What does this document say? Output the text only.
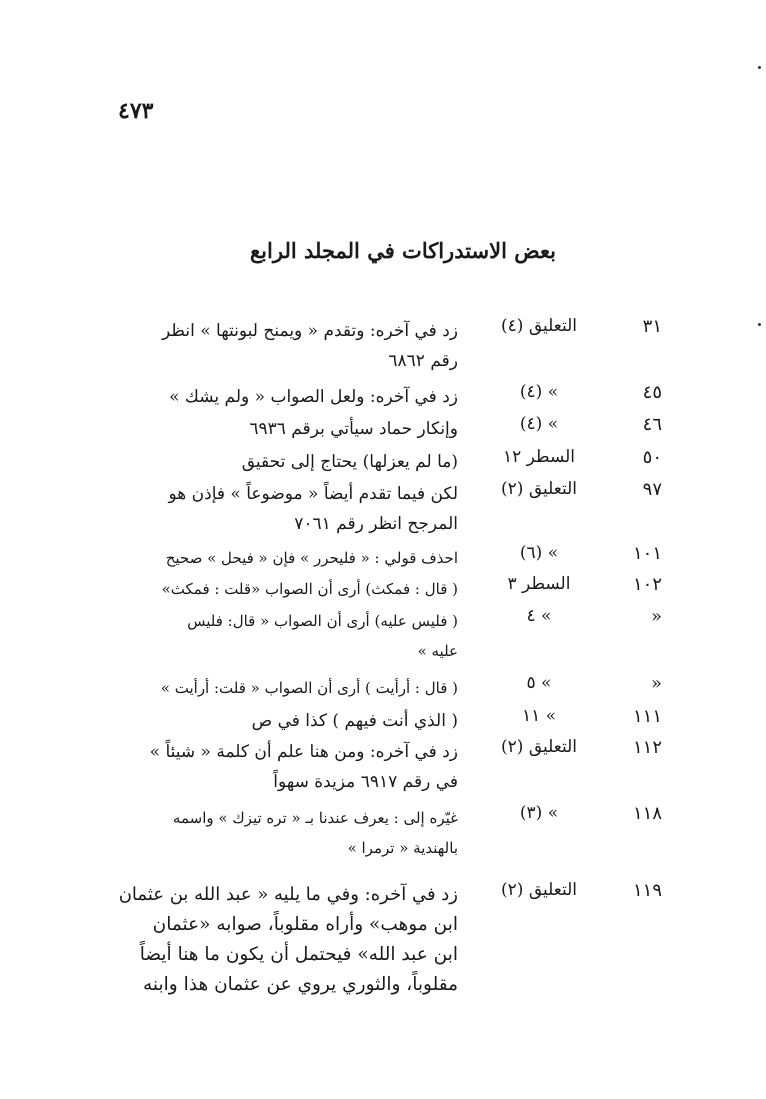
٤٧٣
بعض الاستدراكات في المجلد الرابع
٣١
التعليق (٤)
زد في آخره: وتقدم « ويمنح لبونتها » انظر
رقم ٦٨٦٢
٤٥
» (٤)
زد في آخره: ولعل الصواب « ولم يشك »
٤٦
» (٤)
وإنكار حماد سيأتي برقم ٦٩٣٦
٥٠
السطر ١٢
(ما لم يعزلها) يحتاج إلى تحقيق
٩٧
التعليق (٢)
لكن فيما تقدم أيضاً « موضوعاً » فإذن هو
المرجح انظر رقم ٧٠٦١
١٠١
» (٦)
احذف قولي : « فليحرر » فإن « فيحل » صحيح
١٠٢
السطر ٣
( قال : فمكث) أرى أن الصواب «قلت : فمكث»
«
» ٤
( فليس عليه) أرى أن الصواب « قال: فليس
عليه »
«
» ٥
( قال : أرأيت ) أرى أن الصواب « قلت: أرأيت »
١١١
» ١١
( الذي أنت فيهم ) كذا في ص
١١٢
التعليق (٢)
زد في آخره: ومن هنا علم أن كلمة « شيئاً »
في رقم ٦٩١٧ مزيدة سهواً
١١٨
» (٣)
غيّره إلى : يعرف عندنا بـ « تره تيزك » واسمه
بالهندية « ترمرا »
١١٩
التعليق (٢)
زد في آخره: وفي ما يليه « عبد الله بن عثمان
ابن موهب» وأراه مقلوباً، صوابه «عثمان
ابن عبد الله» فيحتمل أن يكون ما هنا أيضاً
مقلوباً، والثوري يروي عن عثمان هذا وابنه
